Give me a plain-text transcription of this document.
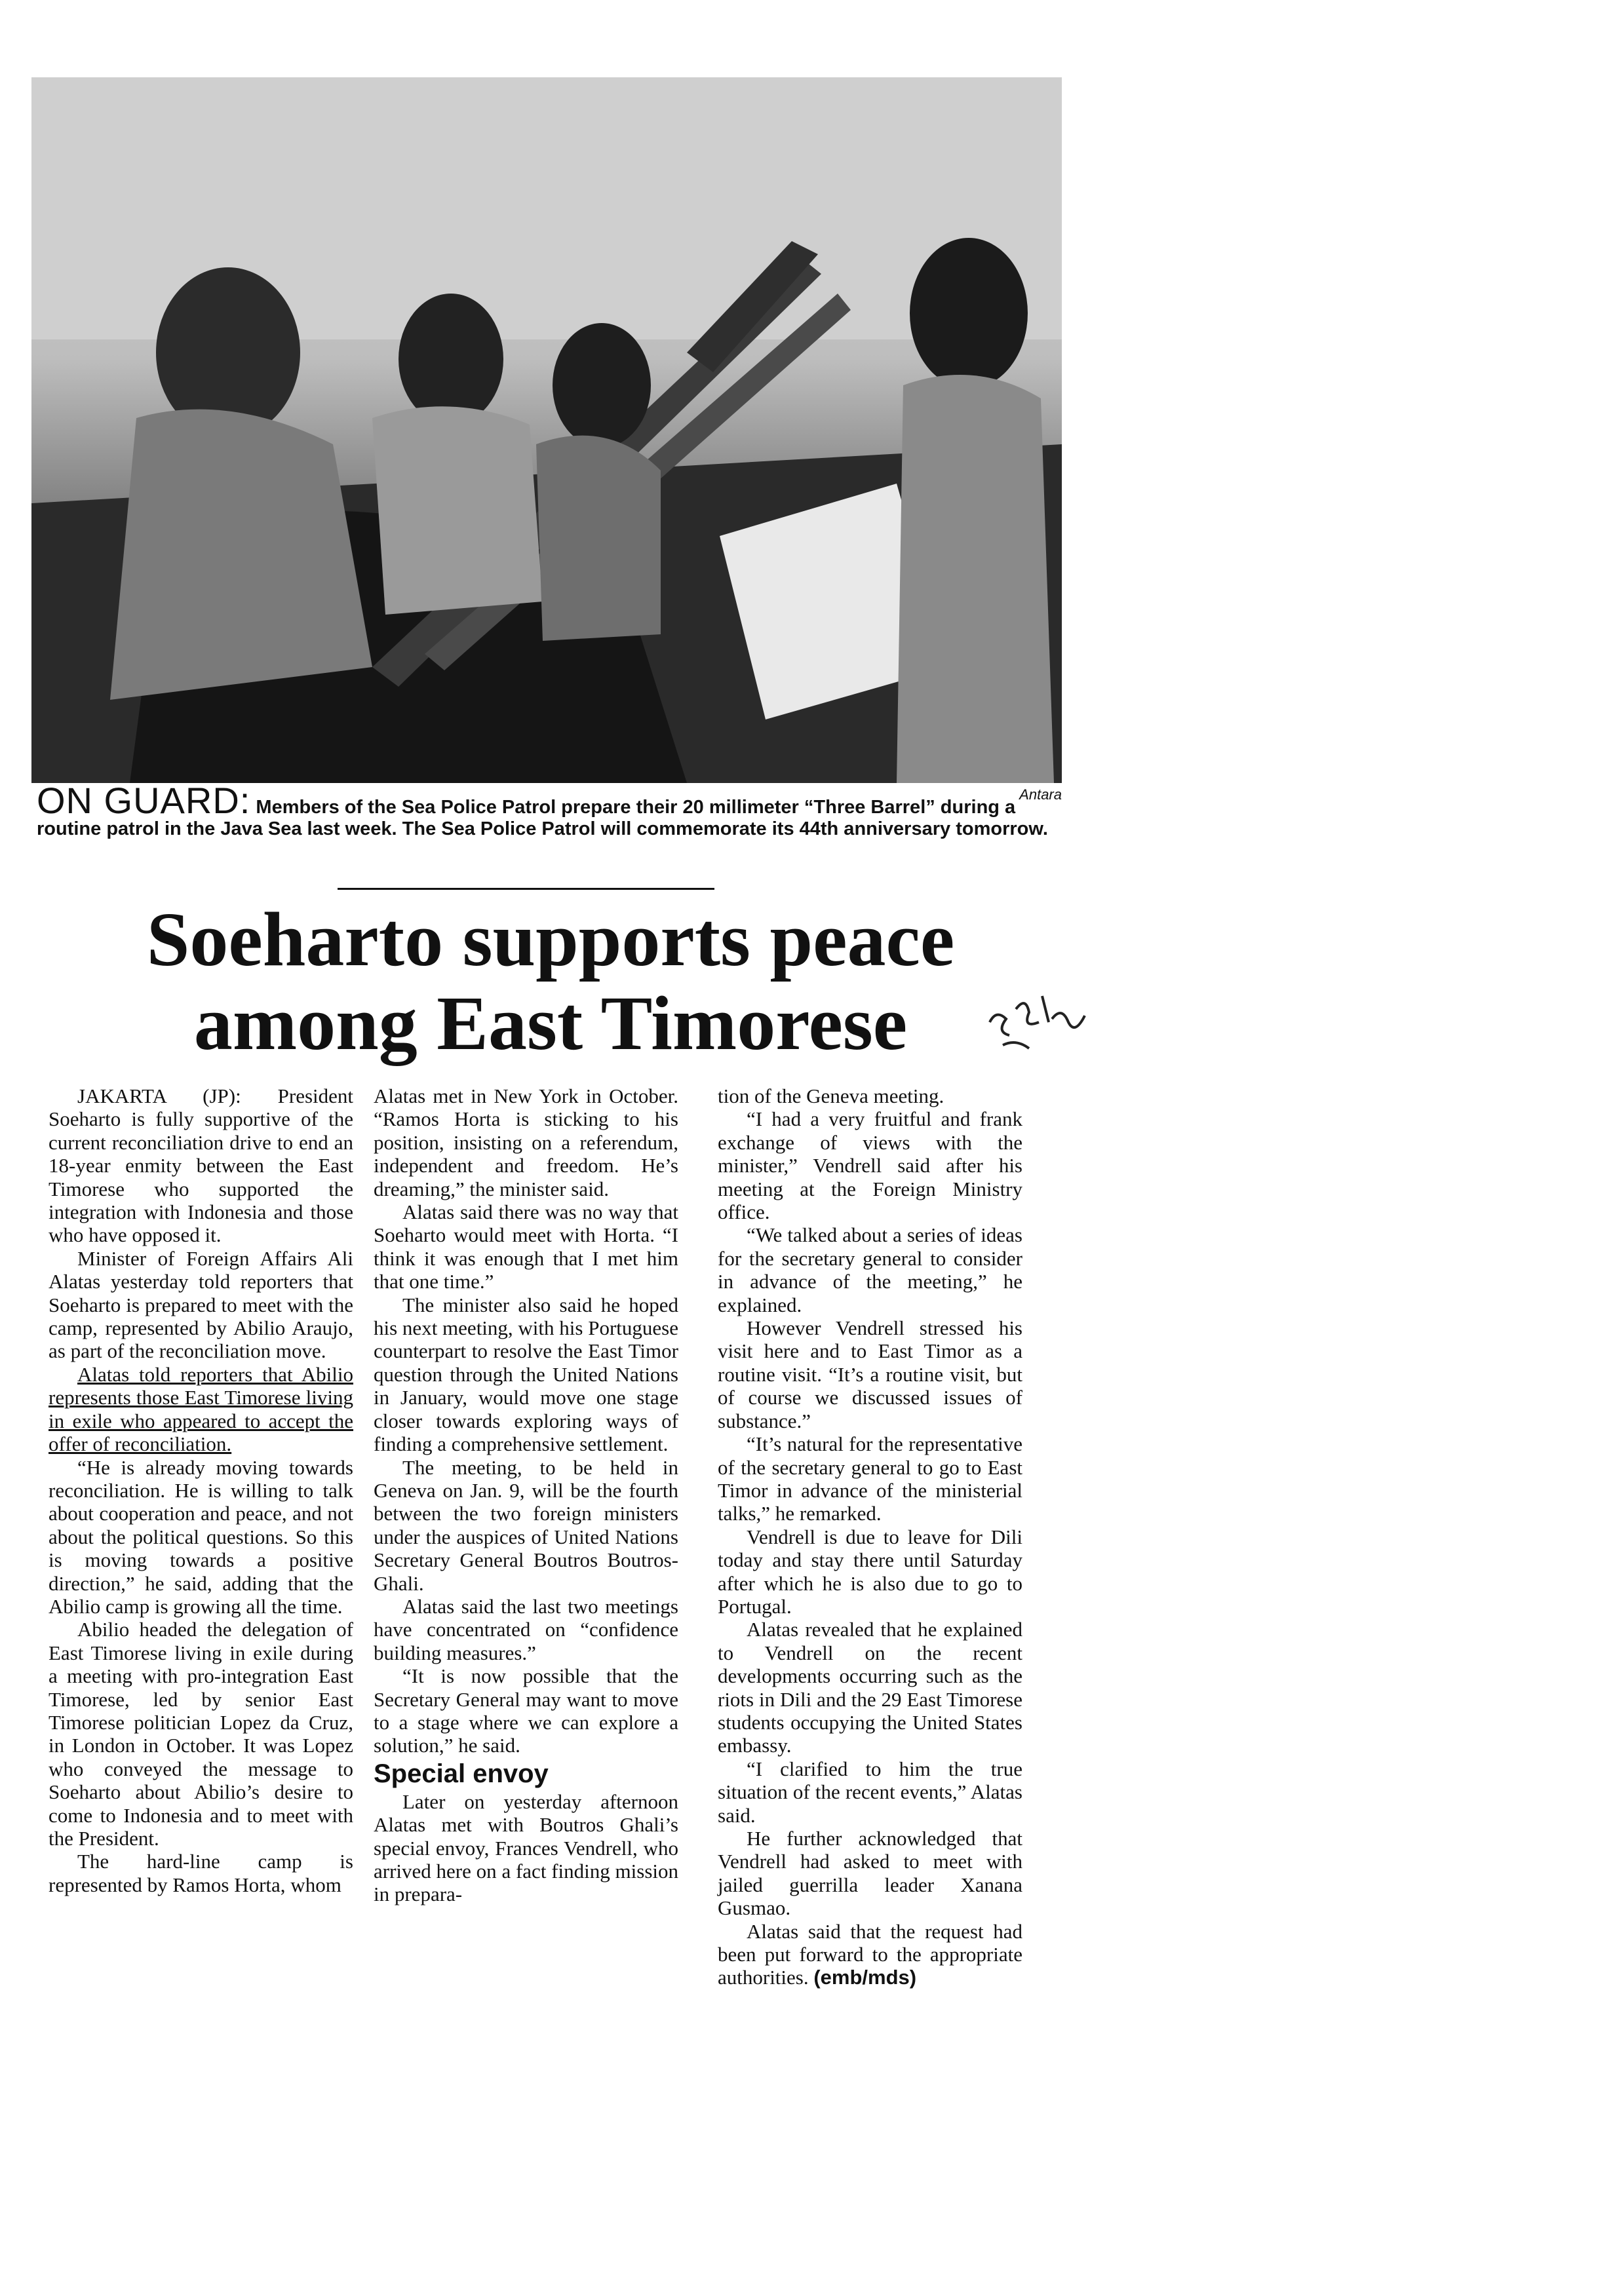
Antara
ON GUARD: Members of the Sea Police Patrol prepare their 20 millimeter “Three Barrel” during a routine patrol in the Java Sea last week. The Sea Police Patrol will commemorate its 44th anniversary tomorrow.
Soeharto supports peace
among East Timorese

JAKARTA (JP): President Soeharto is fully supportive of the current reconciliation drive to end an 18-year enmity between the East Timorese who supported the integration with Indonesia and those who have opposed it.

Minister of Foreign Affairs Ali Alatas yesterday told reporters that Soeharto is prepared to meet with the camp, represented by Abilio Araujo, as part of the reconciliation move.

Alatas told reporters that Abilio represents those East Timorese living in exile who appeared to accept the offer of reconciliation.

“He is already moving towards reconciliation. He is willing to talk about cooperation and peace, and not about the political questions. So this is moving towards a positive direction,” he said, adding that the Abilio camp is growing all the time.

Abilio headed the delegation of East Timorese living in exile during a meeting with pro-integration East Timorese, led by senior East Timorese politician Lopez da Cruz, in London in October. It was Lopez who conveyed the message to Soeharto about Abilio’s desire to come to Indonesia and to meet with the President.

The hard-line camp is represented by Ramos Horta, whom

Alatas met in New York in October. “Ramos Horta is sticking to his position, insisting on a referendum, independent and freedom. He’s dreaming,” the minister said.

Alatas said there was no way that Soeharto would meet with Horta. “I think it was enough that I met him that one time.”

The minister also said he hoped his next meeting, with his Portuguese counterpart to resolve the East Timor question through the United Nations in January, would move one stage closer towards exploring ways of finding a comprehensive settlement.

The meeting, to be held in Geneva on Jan. 9, will be the fourth between the two foreign ministers under the auspices of United Nations Secretary General Boutros Boutros-Ghali.

Alatas said the last two meetings have concentrated on “confidence building measures.”

“It is now possible that the Secretary General may want to move to a stage where we can explore a solution,” he said.

Special envoy

Later on yesterday afternoon Alatas met with Boutros Ghali’s special envoy, Frances Vendrell, who arrived here on a fact finding mission in prepara-

tion of the Geneva meeting.

“I had a very fruitful and frank exchange of views with the minister,” Vendrell said after his meeting at the Foreign Ministry office.

“We talked about a series of ideas for the secretary general to consider in advance of the meeting,” he explained.

However Vendrell stressed his visit here and to East Timor as a routine visit. “It’s a routine visit, but of course we discussed issues of substance.”

“It’s natural for the representative of the secretary general to go to East Timor in advance of the ministerial talks,” he remarked.

Vendrell is due to leave for Dili today and stay there until Saturday after which he is also due to go to Portugal.

Alatas revealed that he explained to Vendrell on the recent developments occurring such as the riots in Dili and the 29 East Timorese students occupying the United States embassy.

“I clarified to him the true situation of the recent events,” Alatas said.

He further acknowledged that Vendrell had asked to meet with jailed guerrilla leader Xanana Gusmao.

Alatas said that the request had been put forward to the appropriate authorities. (emb/mds)
